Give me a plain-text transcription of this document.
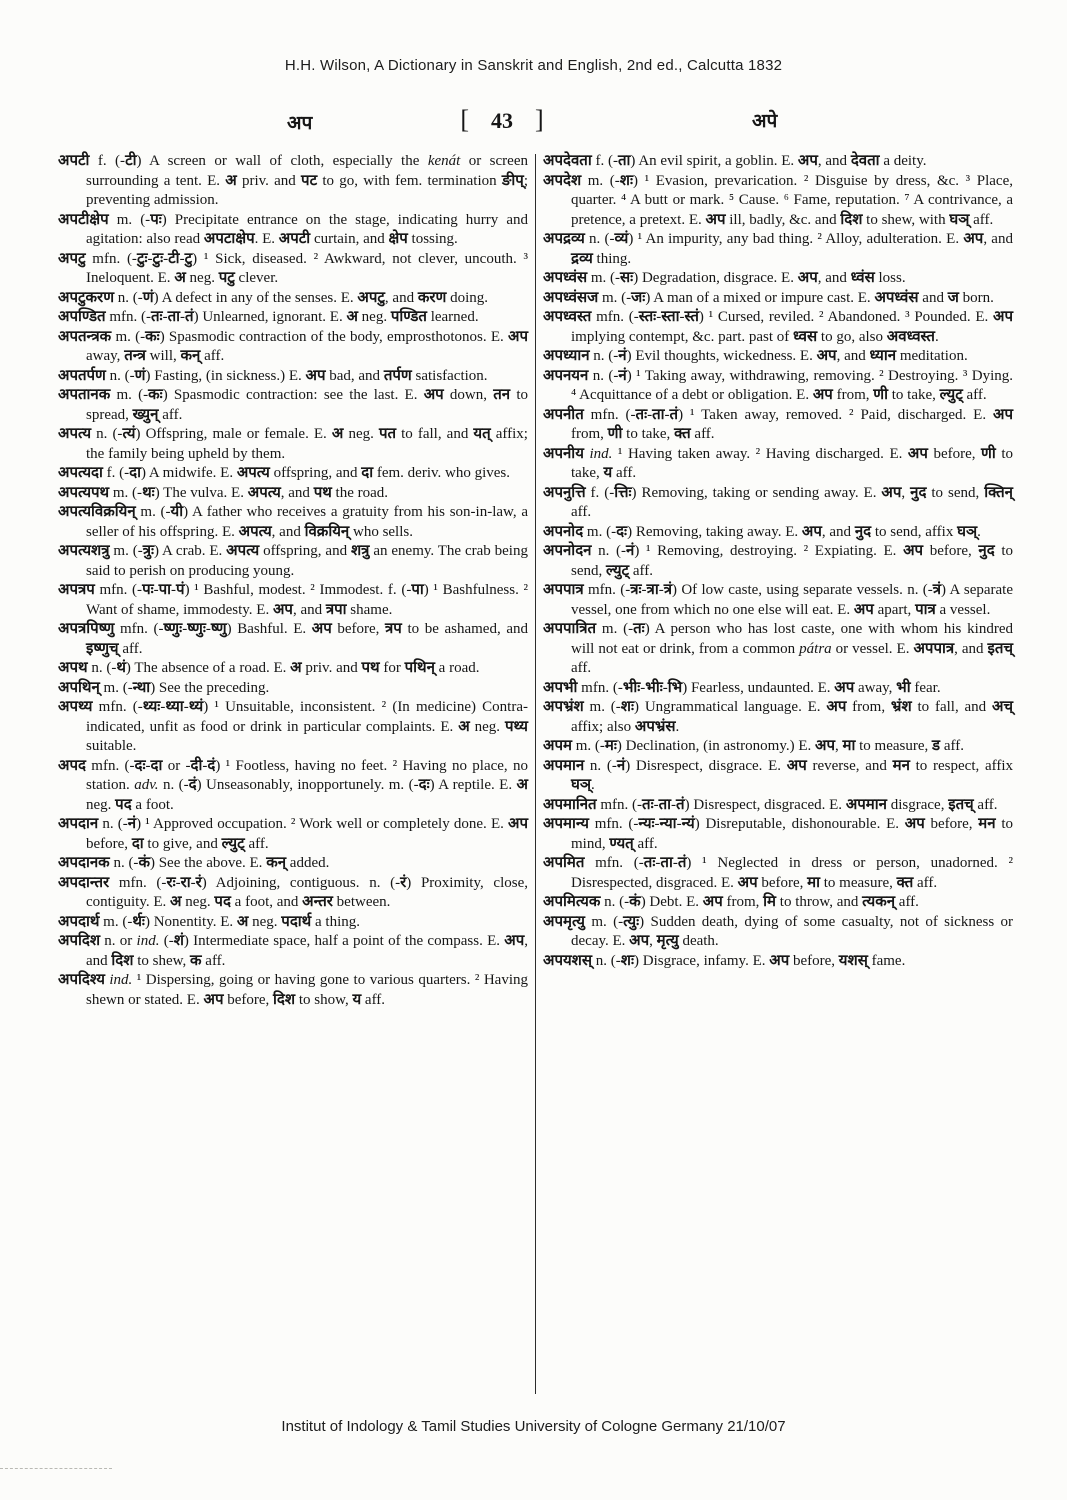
H.H. Wilson, A Dictionary in Sanskrit and English, 2nd ed., Calcutta 1832
अप	[ 43 ]	अपे

अपटी f. (-टी) A screen or wall of cloth, especially the kenát or screen surrounding a tent. E. अ priv. and पट to go, with fem. termination ङीप्; preventing admission.

अपटीक्षेप m. (-पः) Precipitate entrance on the stage, indicating hurry and agitation: also read अपटाक्षेप. E. अपटी curtain, and क्षेप tossing.

अपटु mfn. (-टुः-टुः-टी-टु) ¹ Sick, diseased. ² Awkward, not clever, uncouth. ³ Ineloquent. E. अ neg. पटु clever.

अपटुकरण n. (-णं) A defect in any of the senses. E. अपटु, and करण doing.

अपण्डित mfn. (-तः-ता-तं) Unlearned, ignorant. E. अ neg. पण्डित learned.

अपतन्त्रक m. (-कः) Spasmodic contraction of the body, emprosthotonos. E. अप away, तन्त्र will, कन् aff.

अपतर्पण n. (-णं) Fasting, (in sickness.) E. अप bad, and तर्पण satisfaction.

अपतानक m. (-कः) Spasmodic contraction: see the last. E. अप down, तन to spread, ख्युन् aff.

अपत्य n. (-त्यं) Offspring, male or female. E. अ neg. पत to fall, and यत् affix; the family being upheld by them.

अपत्यदा f. (-दा) A midwife. E. अपत्य offspring, and दा fem. deriv. who gives.

अपत्यपथ m. (-थः) The vulva. E. अपत्य, and पथ the road.

अपत्यविक्रयिन् m. (-यी) A father who receives a gratuity from his son-in-law, a seller of his offspring. E. अपत्य, and विक्रयिन् who sells.

अपत्यशत्रु m. (-त्रुः) A crab. E. अपत्य offspring, and शत्रु an enemy. The crab being said to perish on producing young.

अपत्रप mfn. (-पः-पा-पं) ¹ Bashful, modest. ² Immodest. f. (-पा) ¹ Bashfulness. ² Want of shame, immodesty. E. अप, and त्रपा shame.

अपत्रपिष्णु mfn. (-ष्णुः-ष्णुः-ष्णु) Bashful. E. अप before, त्रप to be ashamed, and इष्णुच् aff.

अपथ n. (-थं) The absence of a road. E. अ priv. and पथ for पथिन् a road.

अपथिन् m. (-न्था) See the preceding.

अपथ्य mfn. (-थ्यः-थ्या-थ्यं) ¹ Unsuitable, inconsistent. ² (In medicine) Contra-indicated, unfit as food or drink in particular complaints. E. अ neg. पथ्य suitable.

अपद mfn. (-दः-दा or -दी-दं) ¹ Footless, having no feet. ² Having no place, no station. adv. n. (-दं) Unseasonably, inopportunely. m. (-दः) A reptile. E. अ neg. पद a foot.

अपदान n. (-नं) ¹ Approved occupation. ² Work well or completely done. E. अप before, दा to give, and ल्युट् aff.

अपदानक n. (-कं) See the above. E. कन् added.

अपदान्तर mfn. (-रः-रा-रं) Adjoining, contiguous. n. (-रं) Proximity, close, contiguity. E. अ neg. पद a foot, and अन्तर between.

अपदार्थ m. (-र्थः) Nonentity. E. अ neg. पदार्थ a thing.

अपदिश n. or ind. (-शं) Intermediate space, half a point of the compass. E. अप, and दिश to shew, क aff.

अपदिश्य ind. ¹ Dispersing, going or having gone to various quarters. ² Having shewn or stated. E. अप before, दिश to show, य aff.

अपदेवता f. (-ता) An evil spirit, a goblin. E. अप, and देवता a deity.

अपदेश m. (-शः) ¹ Evasion, prevarication. ² Disguise by dress, &c. ³ Place, quarter. ⁴ A butt or mark. ⁵ Cause. ⁶ Fame, reputation. ⁷ A contrivance, a pretence, a pretext. E. अप ill, badly, &c. and दिश to shew, with घञ् aff.

अपद्रव्य n. (-व्यं) ¹ An impurity, any bad thing. ² Alloy, adulteration. E. अप, and द्रव्य thing.

अपध्वंस m. (-सः) Degradation, disgrace. E. अप, and ध्वंस loss.

अपध्वंसज m. (-जः) A man of a mixed or impure cast. E. अपध्वंस and ज born.

अपध्वस्त mfn. (-स्तः-स्ता-स्तं) ¹ Cursed, reviled. ² Abandoned. ³ Pounded. E. अप implying contempt, &c. part. past of ध्वस to go, also अवध्वस्त.

अपध्यान n. (-नं) Evil thoughts, wickedness. E. अप, and ध्यान meditation.

अपनयन n. (-नं) ¹ Taking away, withdrawing, removing. ² Destroying. ³ Dying. ⁴ Acquittance of a debt or obligation. E. अप from, णी to take, ल्युट् aff.

अपनीत mfn. (-तः-ता-तं) ¹ Taken away, removed. ² Paid, discharged. E. अप from, णी to take, क्त aff.

अपनीय ind. ¹ Having taken away. ² Having discharged. E. अप before, णी to take, य aff.

अपनुत्ति f. (-त्तिः) Removing, taking or sending away. E. अप, नुद to send, क्तिन् aff.

अपनोद m. (-दः) Removing, taking away. E. अप, and नुद to send, affix घञ्.

अपनोदन n. (-नं) ¹ Removing, destroying. ² Expiating. E. अप before, नुद to send, ल्युट् aff.

अपपात्र mfn. (-त्रः-त्रा-त्रं) Of low caste, using separate vessels. n. (-त्रं) A separate vessel, one from which no one else will eat. E. अप apart, पात्र a vessel.

अपपात्रित m. (-तः) A person who has lost caste, one with whom his kindred will not eat or drink, from a common pátra or vessel. E. अपपात्र, and इतच् aff.

अपभी mfn. (-भीः-भीः-भि) Fearless, undaunted. E. अप away, भी fear.

अपभ्रंश m. (-शः) Ungrammatical language. E. अप from, भ्रंश to fall, and अच् affix; also अपभ्रंस.

अपम m. (-मः) Declination, (in astronomy.) E. अप, मा to measure, ड aff.

अपमान n. (-नं) Disrespect, disgrace. E. अप reverse, and मन to respect, affix घञ्.

अपमानित mfn. (-तः-ता-तं) Disrespect, disgraced. E. अपमान disgrace, इतच् aff.

अपमान्य mfn. (-न्यः-न्या-न्यं) Disreputable, dishonourable. E. अप before, मन to mind, ण्यत् aff.

अपमित mfn. (-तः-ता-तं) ¹ Neglected in dress or person, unadorned. ² Disrespected, disgraced. E. अप before, मा to measure, क्त aff.

अपमित्यक n. (-कं) Debt. E. अप from, मि to throw, and त्यकन् aff.

अपमृत्यु m. (-त्युः) Sudden death, dying of some casualty, not of sickness or decay. E. अप, मृत्यु death.

अपयशस् n. (-शः) Disgrace, infamy. E. अप before, यशस् fame.

Institut of Indology & Tamil Studies University of Cologne Germany 21/10/07
